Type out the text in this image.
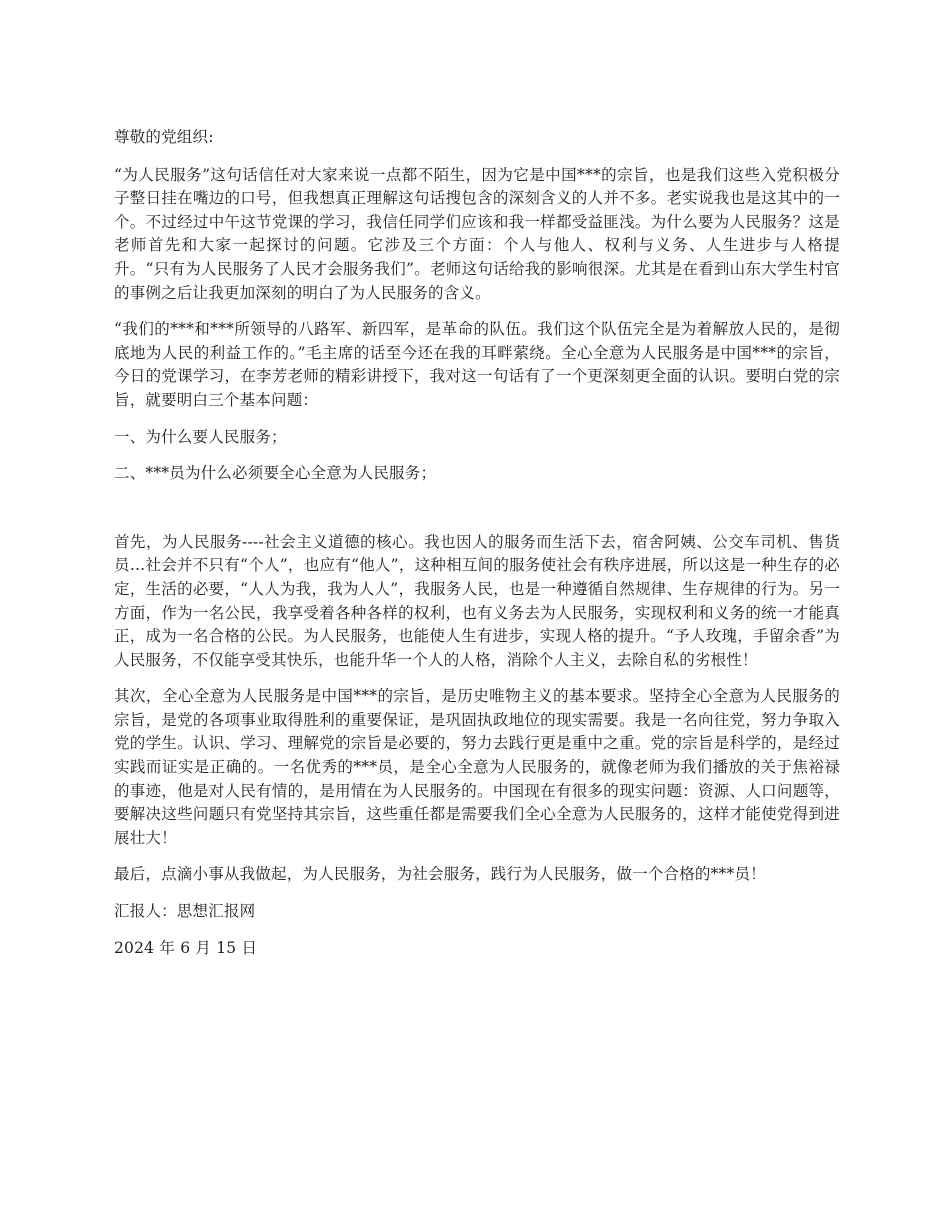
尊敬的党组织:

“为人民服务”这句话信任对大家来说一点都不陌生，因为它是中国***的宗旨，也是我们这些入党积极分子整日挂在嘴边的口号，但我想真正理解这句话搜包含的深刻含义的人并不多。老实说我也是这其中的一个。不过经过中午这节党课的学习，我信任同学们应该和我一样都受益匪浅。为什么要为人民服务？这是老师首先和大家一起探讨的问题。它涉及三个方面：个人与他人、权利与义务、人生进步与人格提升。“只有为人民服务了人民才会服务我们”。老师这句话给我的影响很深。尤其是在看到山东大学生村官的事例之后让我更加深刻的明白了为人民服务的含义。

“我们的***和***所领导的八路军、新四军，是革命的队伍。我们这个队伍完全是为着解放人民的，是彻底地为人民的利益工作的。”毛主席的话至今还在我的耳畔萦绕。全心全意为人民服务是中国***的宗旨，今日的党课学习，在李芳老师的精彩讲授下，我对这一句话有了一个更深刻更全面的认识。要明白党的宗旨，就要明白三个基本问题：

一、为什么要人民服务；

二、***员为什么必须要全心全意为人民服务；

首先，为人民服务----社会主义道德的核心。我也因人的服务而生活下去，宿舍阿姨、公交车司机、售货员…社会并不只有“个人”，也应有“他人”，这种相互间的服务使社会有秩序进展，所以这是一种生存的必定，生活的必要，“人人为我，我为人人”，我服务人民，也是一种遵循自然规律、生存规律的行为。另一方面，作为一名公民，我享受着各种各样的权利，也有义务去为人民服务，实现权利和义务的统一才能真正，成为一名合格的公民。为人民服务，也能使人生有进步，实现人格的提升。“予人玫瑰，手留余香”为人民服务，不仅能享受其快乐，也能升华一个人的人格，消除个人主义，去除自私的劣根性！

其次，全心全意为人民服务是中国***的宗旨，是历史唯物主义的基本要求。坚持全心全意为人民服务的宗旨，是党的各项事业取得胜利的重要保证，是巩固执政地位的现实需要。我是一名向往党，努力争取入党的学生。认识、学习、理解党的宗旨是必要的，努力去践行更是重中之重。党的宗旨是科学的，是经过实践而证实是正确的。一名优秀的***员，是全心全意为人民服务的，就像老师为我们播放的关于焦裕禄的事迹，他是对人民有情的，是用情在为人民服务的。中国现在有很多的现实问题：资源、人口问题等，要解决这些问题只有党坚持其宗旨，这些重任都是需要我们全心全意为人民服务的，这样才能使党得到进展壮大！

最后，点滴小事从我做起，为人民服务，为社会服务，践行为人民服务，做一个合格的***员！

汇报人：思想汇报网

2024 年 6 月 15 日
